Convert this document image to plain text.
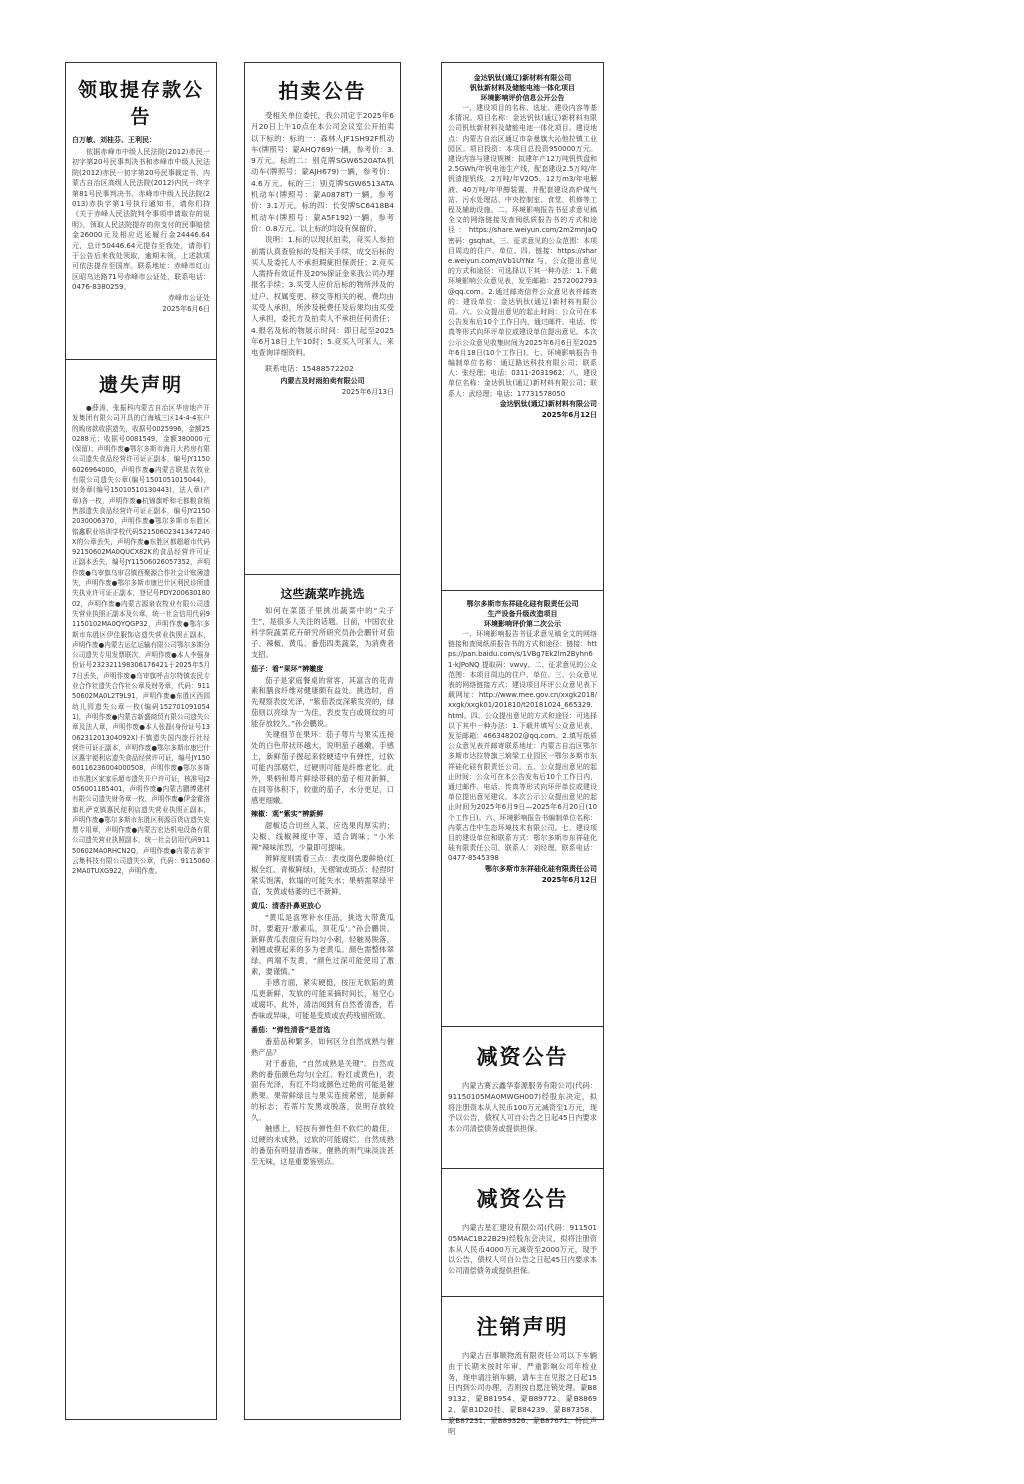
领取提存款公告
白万敏、刘桂芬、王利民：

依据赤峰市中级人民法院(2012)赤民一初字第20号民事判决书和赤峰市中级人民法院(2012)赤民一初字第20号民事裁定书，内蒙古自治区高级人民法院(2012)内民一终字第81号民事判决书、赤峰市中级人民法院(2013)赤执字第1号执行通知书，请你们持《关于赤峰人民法院判令事项申请取存的说明》，领取人民法院提存的你支付的民事赔偿金26000元及相应迟延履行金24446.64元，总计50446.64元提存至我处，请你们于公告后来我处领取，逾期未领，上述款项可依法提存至国库。联系地址：赤峰市红山区昭乌达路71号赤峰市公证处，联系电话：0476-8380259。

赤峰市公证处
2025年6月6日
遗失声明

●薛涛，张振科内蒙古自治区华房地产开发集团有限公司开具的白海城三区14-4-4东户的购房款收据遗失，收据号0025996，金额250288元；收据号0081549，金额380000元(保留)；声明作废●鄂尔多斯市海月大药房有限公司遗失食品经营许可证正副本，编号JY11506026964000，声明作废●内蒙古联星农牧业有限公司遗失公章(编号1501051015044)，财务章(编号15010510130443)，法人章(产章)各一枚，声明作废●杭锦旗呼和毛都粮食销售部遗失食品经营许可证正副本，编号JY21502030006370，声明作废●鄂尔多斯市东胜区铭鑫职业培训学校代码52150602341347240X的公章丢失，声明作废●东胜区都超超市代码92150602MA0QUCX82K的食品经营许可证正副本丢失，编号JY11506026057352，声明作废●乌审旗乌审召镇西聚源合作社会计账簿遗失，声明作废●鄂尔多斯市康巴什区利民诊所遗失执业许可证正副本，登记号PDY20063018002，声明作废●内蒙古源泉农牧业有限公司遗失营业执照正副本及公章，统一社会信用代码91150102MA0QYQGP32，声明作废●鄂尔多斯市东胜区伊佳服饰店遗失营业执照正副本，声明作废●内蒙古运亿运输有限公司鄂尔多斯分公司遗失专用发票联次，声明作废●本人李强身份证号232321198306176421于2025年5月7日丢失，声明作废●乌审旗呼吉尔特镇农民专业合作社遗失合作社公章及财务章，代码：91150602MA0L2T9L91，声明作废●东胜区西园幼儿园遗失公章一枚(编码1527010910541)，声明作废●内蒙古新盛商贸有限公司遗失公章及法人章，声明作废●本人张磊(身份证号1306231201304092X)不慎遗失国内旅行社经营许可证正副本，声明作废●鄂尔多斯市康巴什区惠宇便利店遗失食品经营许可证，编号JY15060116236004000508，声明作废●鄂尔多斯市东胜区家家乐超市遗失开户许可证，核准号J2056001185401，声明作废●内蒙古鹏博建材有限公司遗失财务章一枚，声明作废●伊金霍洛旗札萨克镇惠民便利店遗失营业执照正副本，声明作废●鄂尔多斯市东胜区利源百货店遗失发票专用章，声明作废●内蒙古宏达机电设备有限公司遗失营业执照副本，统一社会信用代码91150602MA0RHCN2Q，声明作废●内蒙古新宇云集科技有限公司遗失公章，代码：91150602MA0TUXG922，声明作废。

拍卖公告

受相关单位委托，我公司定于2025年6月20日上午10点在本公司会议室公开拍卖以下标的：标的一：森林人JF1SH92F机动车(牌照号：蒙AHQ769)一辆，参考价：3.9万元。标的二：别克牌SGW6520ATA机动车(牌照号：蒙AJH679)一辆，参考价：4.6万元。标的三：别克牌SGW6513ATA机动车(牌照号：蒙A0878T)一辆，参考价：3.1万元。标的四：长安牌SC6418B4机动车(牌照号：蒙A5F192)一辆，参考价：0.8万元。以上标的均设有保留价。

说明：1.标的以现状拍卖，竞买人参拍前需认真查验标的及相关手续，成交后标的买人及委托人不承担瑕疵担保责任；2.竞买人需持有效证件及20%保证金来我公司办理报名手续；3.买受人应价后标的物所涉及的过户、权属变更、移交等相关的税、费均由买受人承担，所涉及税费任及后果均由买受人承担，委托方及拍卖人不承担任何责任；4.报名及标的物展示时间：即日起至2025年6月18日上午10时；5.竞买人可来人、来电查询详细资料。

联系电话：15488572202

内蒙古及时雨拍卖有限公司
2025年6月13日
这些蔬菜咋挑选

如何在菜篮子里挑出蔬菜中的“尖子生”，是很多人关注的话题。日前，中国农业科学院蔬菜花卉研究所研究员孙会鹏针对茄子、辣椒、黄瓜、番茄四类蔬菜，为消费者支招。

茄子：看“果环”辨嫩度

茄子是家庭餐桌的常客，其富含的花青素和膳食纤维对健康颇有益处。挑选时，首先观察表皮光泽，“紫茄表皮深紫发亮的，绿茄则以亮绿为一为佳，表皮发白或斑纹的可能存放较久。”孙会鹏说。

关键细节在果环：茄子萼片与果实连接处的白色带状环越大，说明茄子越嫩。手感上，新鲜茄子握起来较硬适中有弹性，过软可能内部腐烂，过硬则可能是纤维老化。此外，果柄和萼片鲜绿带刺的茄子相对新鲜，在同等体积下，较重的茄子，水分更足，口感更细嫩。

辣椒：观“紫实”辨新鲜

甜椒适合切丝入菜，应选果肉厚实的；尖椒、线椒辣度中等，适合调味；“小米辣”辣味浓烈，少量即可提味。

辨鲜度则需看三点：表皮面色要鲜艳(红椒全红、青椒鲜绿)，无褶皱或斑点；轻捏时紧实饱满，软塌的可能失水；果柄需翠绿平直，发黄或枯萎的已不新鲜。

黄瓜：清香扑鼻更放心

“黄瓜是喜寒补水佳品，挑选大带黄瓜时，要避开‘激素瓜，顶花瓜’。”孙会鹏说，新鲜黄瓜表面应有均匀小刺，轻触易脱落，刺翘或摸起来的多为老黄瓜。颜色需整体翠绿，两端不发黄，“颜色过深可能使用了激素，要谨慎。”

手感方面，紧实硬挺，按压无软陷的黄瓜更新鲜，发软的可能采摘时间长，易空心或腐坏。此外，清洁闻到有自然香清香，若香味或异味，可能是变质或农药残留所致。

番茄：“弹性清香”是首选

番茄品种繁多，如何区分自然成熟与催熟产品？

对于番茄，“自然成熟是关键”。自然成熟的番茄颜色均匀(全红、粉红或黄色)，表面有光泽，有红不均或颜色过艳的可能是催熟果。果蒂鲜绿且与果实连接紧密，是新鲜的标志；若蒂片发黑或脱落，说明存放较久。

触感上，轻按有弹性但不软烂的最佳，过硬的未成熟，过软的可能腐烂。自然成熟的番茄有明显清香味，催熟的则气味淡淡甚至无味，这是重要鉴别点。

金达钒钛(通辽)新材料有限公司
钒钛新材料及储能电池一体化项目
环境影响评价信息公开公告

一、建设项目的名称、选址、建设内容等基本情况。项目名称：金达钒钛(通辽)新材料有限公司钒钛新材料及储能电池一体化项目。建设地点：内蒙古自治区通辽市奈曼旗大沁他拉镇工业园区。项目投资：本项目总投资950000万元。建设内容与建设规模：拟建年产12万吨钒铁盘和2.5GWh/年钒电池生产线，配套建设2.5万吨/年钒渣提钒线，2万吨/年V2O5、12万m3/年电解液、40万吨/年甲醇装置，并配套建设高炉煤气站、污水处理站、中央控制室、食堂、机修等工程及辅助设施。二、环境影响报告书征求意见稿全文的网络链接及查阅纸质报告书的方式和途径：https://share.weiyun.com/2m2mnJaQ 密码：gsqhat。三、征求意见的公众范围：本项目周边的住户、单位。四、链接：https://share.weiyun.com/nVb1UYNz 与，公众提出意见的方式和途径：可选择以下其一种办法：1.下载环境影响公众意见表，发至邮箱：2572002793@qq.com。2.通过邮寄信件公众意见表并邮寄的：建设单位：金达钒钛(通辽)新材料有限公司。六、公众提出意见的起止时间：公众可在本公告发布后10个工作日内，通过邮件、电话、传真等形式向环评单位或建设单位提出意见。本次公示公众意见收集时间为2025年6月6日至2025年6月18日(10个工作日)。七、环境影响报告书编制单位名称：通辽路达科技有限公司；联系人：张经理；电话：0311-2031962；八、建设单位名称：金达钒钛(通辽)新材料有限公司；联系人：武经理；电话：17731578050

金达钒钛(通辽)新材料有限公司
2025年6月12日
鄂尔多斯市东祥硅化硅有限责任公司
生产设备升级改造项目
环境影响评价第二次公示

一、环境影响报告书征求意见稿全文的网络链接和查阅纸质报告书的方式和途径：链接：https://pan.baidu.com/s/1VBg7Ek2lm2Byhn61-kJPoNQ 提取码：vwvy。二、征求意见的公众范围：本项目周边的住户、单位。三、公众意见表的网络链接方式：建设项目环评公众意见表下载网址：http://www.mee.gov.cn/xxgk2018/xxgk/xxgk01/201810/t20181024_665329.html。四、公众提出意见的方式和途径：可选择以下其中一种办法：1.下载并填写公众意见表，发至邮箱：466348202@qq.com。2.填写纸质公众意见表并邮寄联系地址：内蒙古自治区鄂尔多斯市达拉特旗三垧梁工业园区一鄂尔多斯市东祥硅化硅有限责任公司。五、公众提出意见的起止时间：公众可在本公告发布后10个工作日内，通过邮件、电话、传真等形式向环评单位或建设单位提出意见建议。本次公示公众提出意见的起止时间为2025年6月9日—2025年6月20日(10个工作日)。六、环境影响报告书编制单位名称：内蒙古佳中生态环境技术有限公司。七、建设项目的建设单位和联系方式：鄂尔多斯市东祥硅化硅有限责任公司，联系人：刘经理，联系电话：0477-8545398

鄂尔多斯市东祥硅化硅有限责任公司
2025年6月12日
减资公告

内蒙古赛云鑫华泰源服务有限公司(代码：91150105MA0MWGH007)经股东决定，拟将注册资本从人民币100万元减资至1万元，现予以公告，债权人可自公告之日起45日内要求本公司清偿债务或提供担保。

减资公告

内蒙古星汇建设有限公司(代码：91150105MAC1B22B29)经股东会决议，拟将注册资本从人民币4000万元减资至2000万元，现予以公告，债权人可自公告之日起45日内要求本公司清偿债务或提供担保。

注销声明

内蒙古百事顺物流有限责任公司以下车辆由于长期未按时年审，严重影响公司年检业务，现申请注销车辆，请车主在见报之日起15日内到公司办理，否则按自愿注销处理。蒙B89132、蒙B81954、蒙B89772、蒙B88692、蒙B1D20挂、蒙B84239、蒙B87358、蒙B87231、蒙B89326、蒙B87671。特此声明
